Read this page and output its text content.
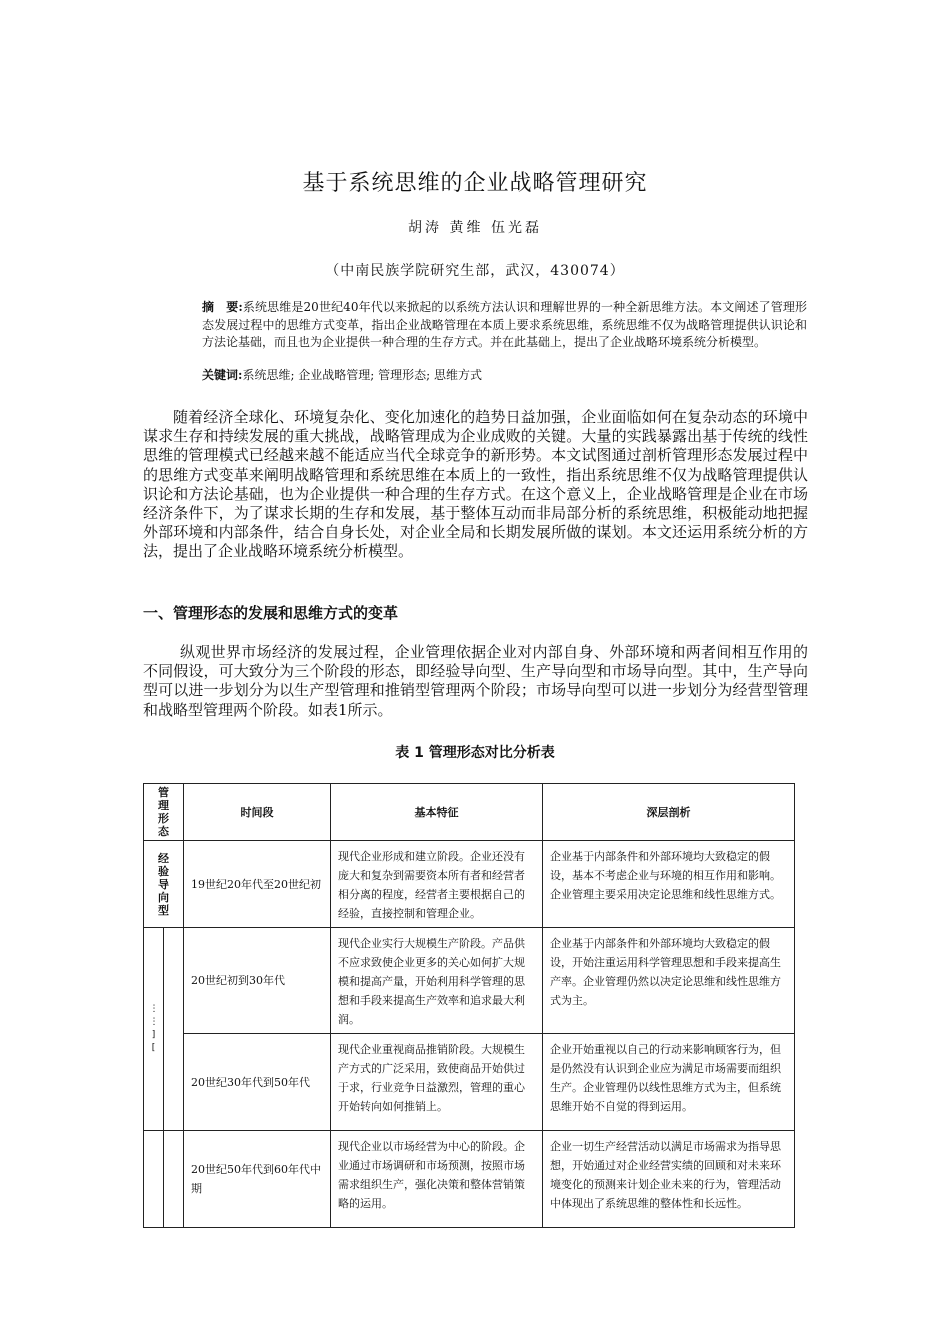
基于系统思维的企业战略管理研究
胡涛 黄维 伍光磊
（中南民族学院研究生部，武汉，430074）
摘　要:系统思维是20世纪40年代以来掀起的以系统方法认识和理解世界的一种全新思维方法。本文阐述了管理形态发展过程中的思维方式变革，指出企业战略管理在本质上要求系统思维，系统思维不仅为战略管理提供认识论和方法论基础，而且也为企业提供一种合理的生存方式。并在此基础上，提出了企业战略环境系统分析模型。
关键词:系统思维; 企业战略管理; 管理形态; 思维方式
随着经济全球化、环境复杂化、变化加速化的趋势日益加强，企业面临如何在复杂动态的环境中谋求生存和持续发展的重大挑战，战略管理成为企业成败的关键。大量的实践暴露出基于传统的线性思维的管理模式已经越来越不能适应当代全球竞争的新形势。本文试图通过剖析管理形态发展过程中的思维方式变革来阐明战略管理和系统思维在本质上的一致性，指出系统思维不仅为战略管理提供认识论和方法论基础，也为企业提供一种合理的生存方式。在这个意义上，企业战略管理是企业在市场经济条件下，为了谋求长期的生存和发展，基于整体互动而非局部分析的系统思维，积极能动地把握外部环境和内部条件，结合自身长处，对企业全局和长期发展所做的谋划。本文还运用系统分析的方法，提出了企业战略环境系统分析模型。
一、管理形态的发展和思维方式的变革
纵观世界市场经济的发展过程，企业管理依据企业对内部自身、外部环境和两者间相互作用的不同假设，可大致分为三个阶段的形态，即经验导向型、生产导向型和市场导向型。其中，生产导向型可以进一步划分为以生产型管理和推销型管理两个阶段；市场导向型可以进一步划分为经营型管理和战略型管理两个阶段。如表1所示。
表 1 管理形态对比分析表
管理形态		时间段	基本特征	深层剖析

经验导向型		19世纪20年代至20世纪初	现代企业形成和建立阶段。企业还没有庞大和复杂到需要资本所有者和经营者相分离的程度，经营者主要根据自己的经验，直接控制和管理企业。	企业基于内部条件和外部环境均大致稳定的假设，基本不考虑企业与环境的相互作用和影响。企业管理主要采用决定论思维和线性思维方式。

⋮ ⋮ ] [		20世纪初到30年代	现代企业实行大规模生产阶段。产品供不应求致使企业更多的关心如何扩大规模和提高产量，开始利用科学管理的思想和手段来提高生产效率和追求最大利润。	企业基于内部条件和外部环境均大致稳定的假设，开始注重运用科学管理思想和手段来提高生产率。企业管理仍然以决定论思维和线性思维方式为主。
		20世纪30年代到50年代	现代企业重视商品推销阶段。大规模生产方式的广泛采用，致使商品开始供过于求，行业竞争日益激烈，管理的重心开始转向如何推销上。	企业开始重视以自己的行动来影响顾客行为，但是仍然没有认识到企业应为满足市场需要而组织生产。企业管理仍以线性思维方式为主，但系统思维开始不自觉的得到运用。
		20世纪50年代到60年代中期	现代企业以市场经营为中心的阶段。企业通过市场调研和市场预测，按照市场需求组织生产，强化决策和整体营销策略的运用。	企业一切生产经营活动以满足市场需求为指导思想，开始通过对企业经营实绩的回顾和对未来环境变化的预测来计划企业未来的行为，管理活动中体现出了系统思维的整体性和长远性。
